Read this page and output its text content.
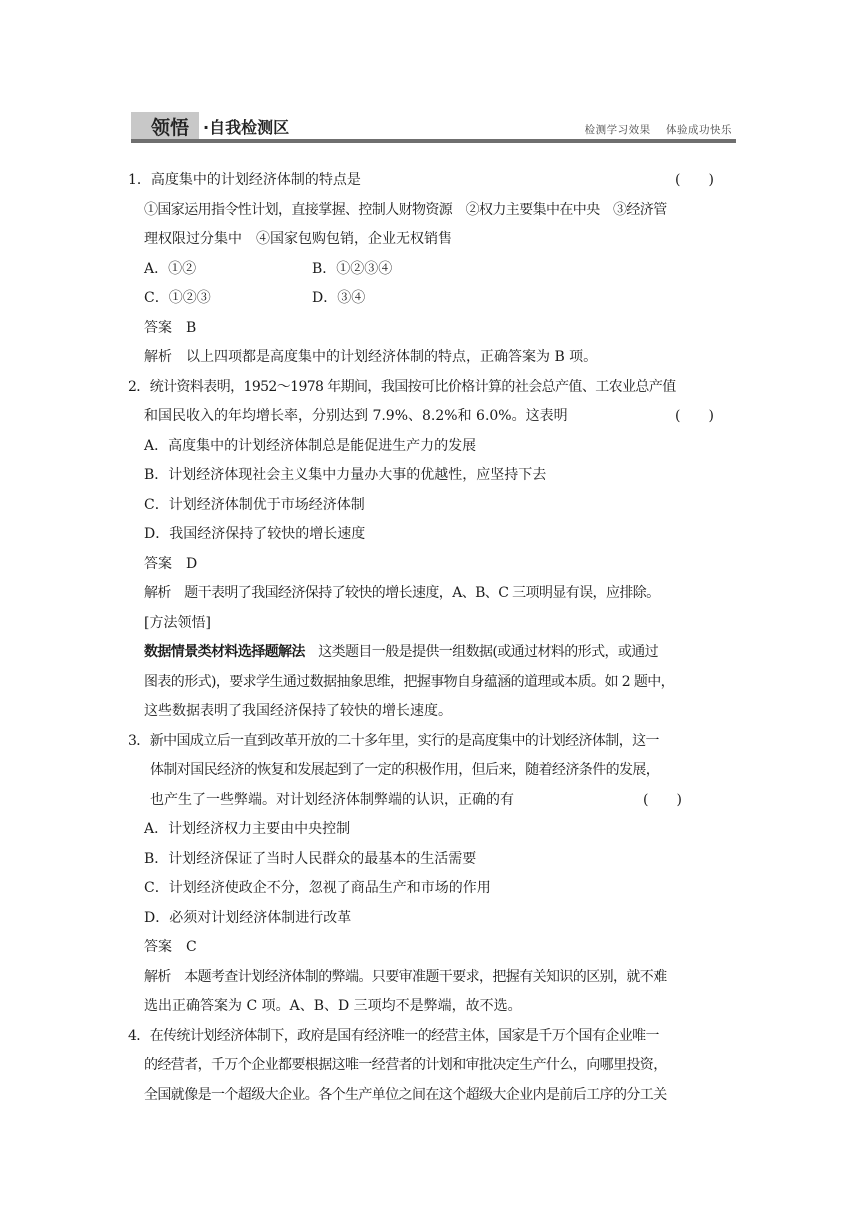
领悟 ·自我检测区	检测学习效果    体验成功快乐
1．高度集中的计划经济体制的特点是	(　　)
①国家运用指令性计划，直接掌握、控制人财物资源　②权力主要集中在中央　③经济管
理权限过分集中　④国家包购包销，企业无权销售
A．①②	B．①②③④
C．①②③	D．③④
答案　B
解析　以上四项都是高度集中的计划经济体制的特点，正确答案为 B 项。
2．统计资料表明，1952～1978 年期间，我国按可比价格计算的社会总产值、工农业总产值
和国民收入的年均增长率，分别达到 7.9%、8.2%和 6.0%。这表明	(　　)
A．高度集中的计划经济体制总是能促进生产力的发展
B．计划经济体现社会主义集中力量办大事的优越性，应坚持下去
C．计划经济体制优于市场经济体制
D．我国经济保持了较快的增长速度
答案　D
解析　题干表明了我国经济保持了较快的增长速度，A、B、C 三项明显有误，应排除。
[方法领悟]
数据情景类材料选择题解法　这类题目一般是提供一组数据(或通过材料的形式，或通过
图表的形式)，要求学生通过数据抽象思维，把握事物自身蕴涵的道理或本质。如 2 题中，
这些数据表明了我国经济保持了较快的增长速度。
3．新中国成立后一直到改革开放的二十多年里，实行的是高度集中的计划经济体制，这一
体制对国民经济的恢复和发展起到了一定的积极作用，但后来，随着经济条件的发展，
也产生了一些弊端。对计划经济体制弊端的认识，正确的有	(　　)
A．计划经济权力主要由中央控制
B．计划经济保证了当时人民群众的最基本的生活需要
C．计划经济使政企不分，忽视了商品生产和市场的作用
D．必须对计划经济体制进行改革
答案　C
解析　本题考查计划经济体制的弊端。只要审准题干要求，把握有关知识的区别，就不难
选出正确答案为 C 项。A、B、D 三项均不是弊端，故不选。
4．在传统计划经济体制下，政府是国有经济唯一的经营主体，国家是千万个国有企业唯一
的经营者，千万个企业都要根据这唯一经营者的计划和审批决定生产什么，向哪里投资，
全国就像是一个超级大企业。各个生产单位之间在这个超级大企业内是前后工序的分工关
